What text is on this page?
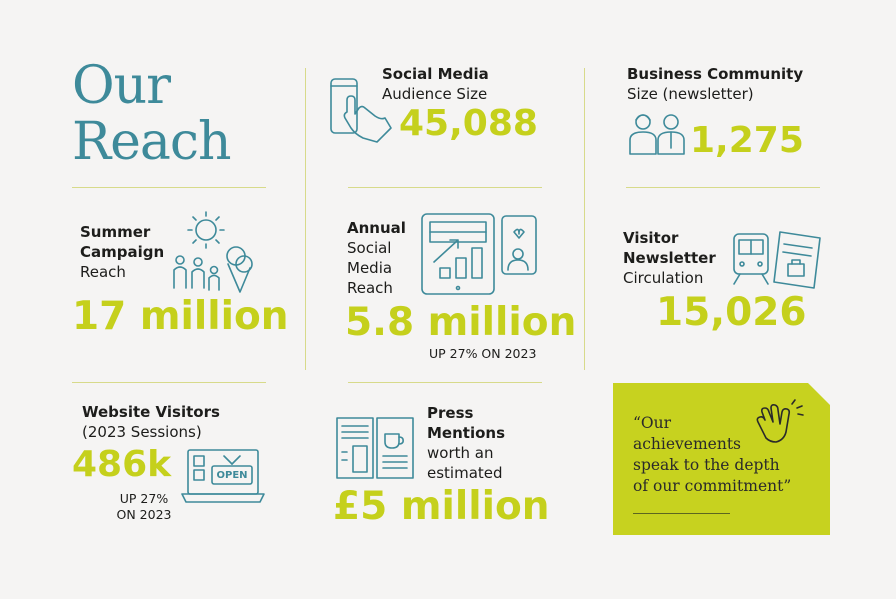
Our
Reach
Social Media
Audience Size
45,088
Business Community
Size (newsletter)
1,275
Summer
Campaign
Reach
17 million
Annual
Social
Media
Reach
5.8 million
UP 27% ON 2023
Visitor
Newsletter
Circulation
15,026
Website Visitors
(2023 Sessions)
486k
UP 27%
ON 2023
OPEN
Press
Mentions
worth an
estimated
£5 million
“Our
achievements
speak to the depth
of our commitment”
